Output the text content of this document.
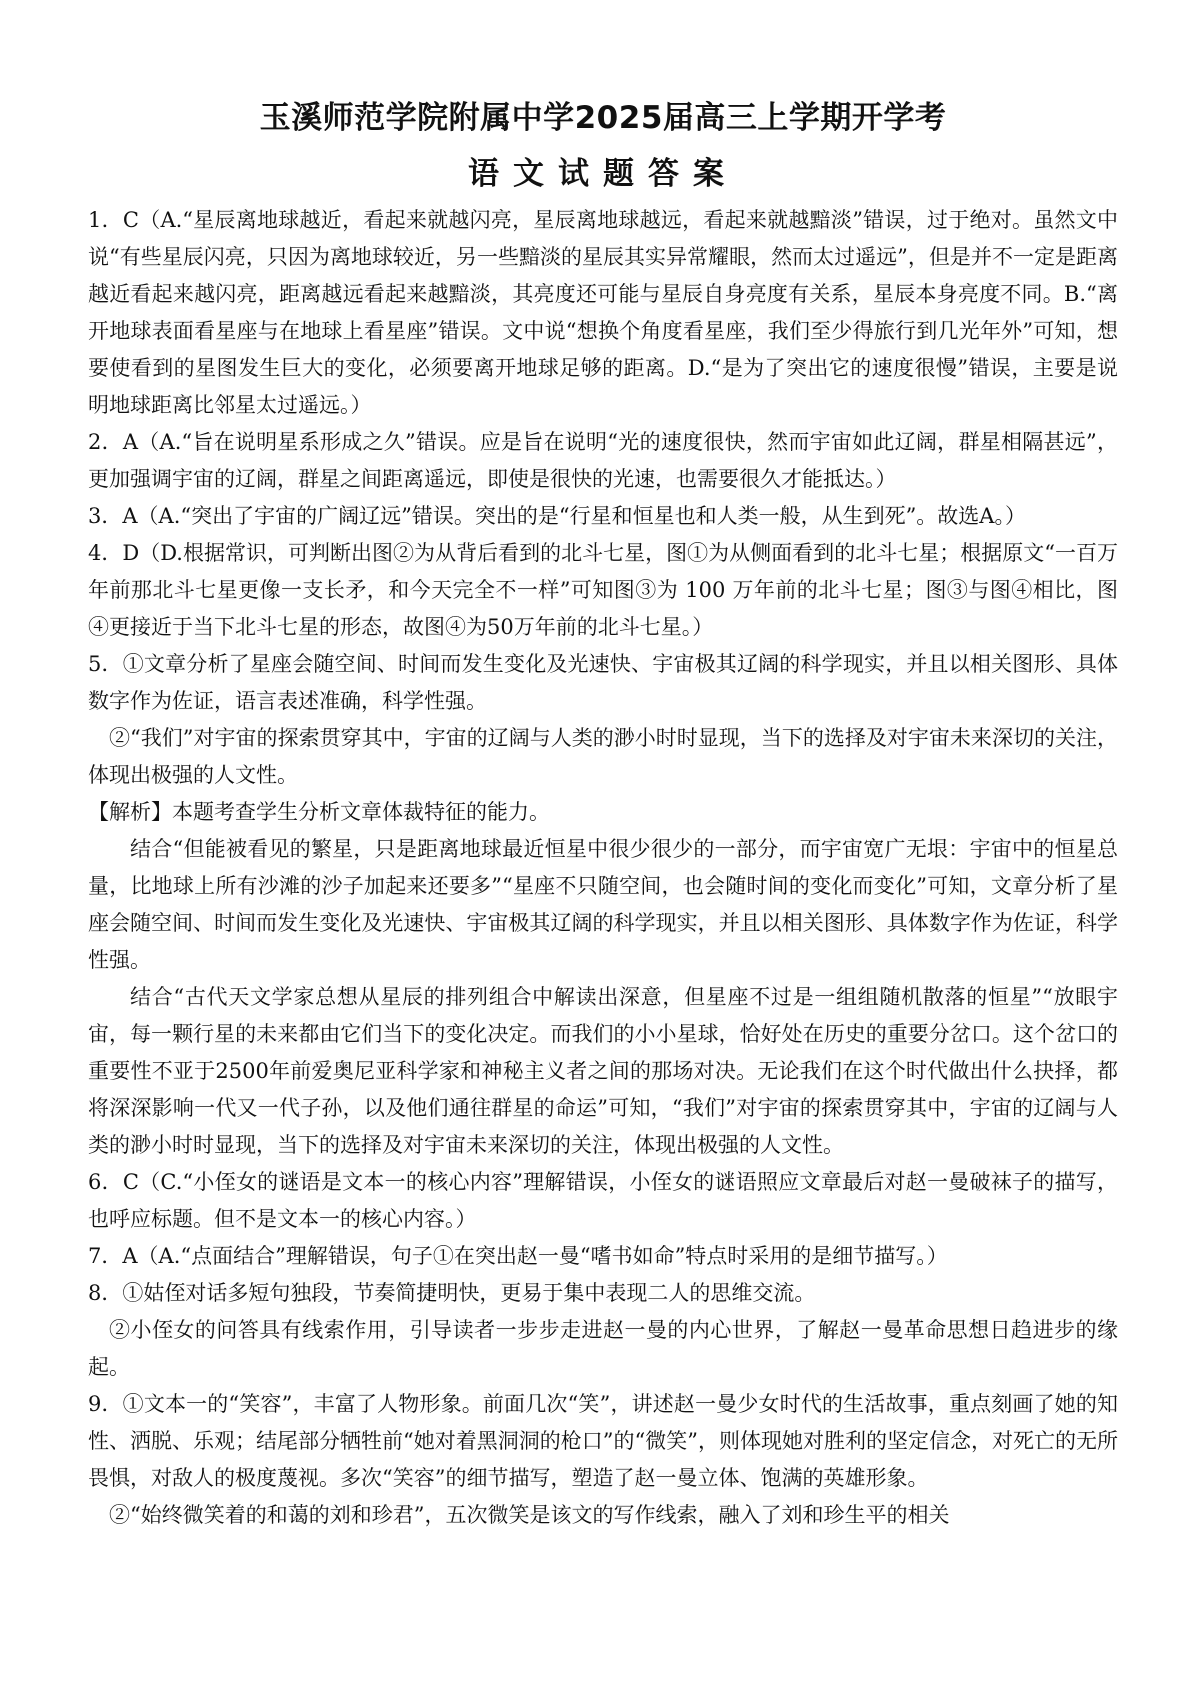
玉溪师范学院附属中学2025届高三上学期开学考
语文试题答案

1．C（A.“星辰离地球越近，看起来就越闪亮，星辰离地球越远，看起来就越黯淡”错误，过于绝对。虽然文中说“有些星辰闪亮，只因为离地球较近，另一些黯淡的星辰其实异常耀眼，然而太过遥远”，但是并不一定是距离越近看起来越闪亮，距离越远看起来越黯淡，其亮度还可能与星辰自身亮度有关系，星辰本身亮度不同。B.“离开地球表面看星座与在地球上看星座”错误。文中说“想换个角度看星座，我们至少得旅行到几光年外”可知，想要使看到的星图发生巨大的变化，必须要离开地球足够的距离。D.“是为了突出它的速度很慢”错误，主要是说明地球距离比邻星太过遥远。）

2．A（A.“旨在说明星系形成之久”错误。应是旨在说明“光的速度很快，然而宇宙如此辽阔，群星相隔甚远”，更加强调宇宙的辽阔，群星之间距离遥远，即使是很快的光速，也需要很久才能抵达。）

3．A（A.“突出了宇宙的广阔辽远”错误。突出的是“行星和恒星也和人类一般，从生到死”。故选A。）

4．D（D.根据常识，可判断出图②为从背后看到的北斗七星，图①为从侧面看到的北斗七星；根据原文“一百万年前那北斗七星更像一支长矛，和今天完全不一样”可知图③为 100 万年前的北斗七星；图③与图④相比，图④更接近于当下北斗七星的形态，故图④为50万年前的北斗七星。）

5．①文章分析了星座会随空间、时间而发生变化及光速快、宇宙极其辽阔的科学现实，并且以相关图形、具体数字作为佐证，语言表述准确，科学性强。

②“我们”对宇宙的探索贯穿其中，宇宙的辽阔与人类的渺小时时显现，当下的选择及对宇宙未来深切的关注，体现出极强的人文性。

【解析】本题考查学生分析文章体裁特征的能力。

结合“但能被看见的繁星，只是距离地球最近恒星中很少很少的一部分，而宇宙宽广无垠：宇宙中的恒星总量，比地球上所有沙滩的沙子加起来还要多”“星座不只随空间，也会随时间的变化而变化”可知，文章分析了星座会随空间、时间而发生变化及光速快、宇宙极其辽阔的科学现实，并且以相关图形、具体数字作为佐证，科学性强。

结合“古代天文学家总想从星辰的排列组合中解读出深意，但星座不过是一组组随机散落的恒星”“放眼宇宙，每一颗行星的未来都由它们当下的变化决定。而我们的小小星球，恰好处在历史的重要分岔口。这个岔口的重要性不亚于2500年前爱奥尼亚科学家和神秘主义者之间的那场对决。无论我们在这个时代做出什么抉择，都将深深影响一代又一代子孙，以及他们通往群星的命运”可知，“我们”对宇宙的探索贯穿其中，宇宙的辽阔与人类的渺小时时显现，当下的选择及对宇宙未来深切的关注，体现出极强的人文性。

6．C（C.“小侄女的谜语是文本一的核心内容”理解错误，小侄女的谜语照应文章最后对赵一曼破袜子的描写，也呼应标题。但不是文本一的核心内容。）

7．A（A.“点面结合”理解错误，句子①在突出赵一曼“嗜书如命”特点时采用的是细节描写。）

8．①姑侄对话多短句独段，节奏简捷明快，更易于集中表现二人的思维交流。

②小侄女的问答具有线索作用，引导读者一步步走进赵一曼的内心世界，了解赵一曼革命思想日趋进步的缘起。

9．①文本一的“笑容”，丰富了人物形象。前面几次“笑”，讲述赵一曼少女时代的生活故事，重点刻画了她的知性、洒脱、乐观；结尾部分牺牲前“她对着黑洞洞的枪口”的“微笑”，则体现她对胜利的坚定信念，对死亡的无所畏惧，对敌人的极度蔑视。多次“笑容”的细节描写，塑造了赵一曼立体、饱满的英雄形象。

②“始终微笑着的和蔼的刘和珍君”，五次微笑是该文的写作线索，融入了刘和珍生平的相关
